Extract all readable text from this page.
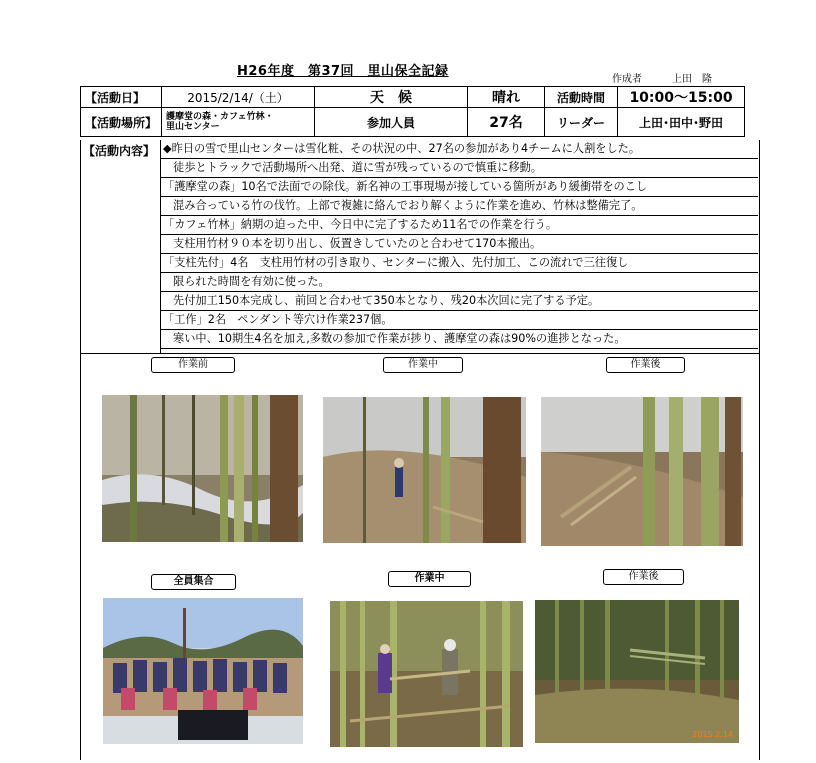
H26年度　第37回　里山保全記録
作成者	上田　隆
【活動日】	2015/2/14/（土）	天　候	晴れ	活動時間	10:00〜15:00
【活動場所】	護摩堂の森・カフェ竹林・
里山センター	参加人員	27名	リーダー	上田･田中･野田
【活動内容】 ◆昨日の雪で里山センターは雪化粧、その状況の中、27名の参加があり4チームに人割をした。
徒歩とトラックで活動場所へ出発、道に雪が残っているので慎重に移動。
「護摩堂の森」10名で法面での除伐。新名神の工事現場が接している箇所があり緩衝帯をのこし
混み合っている竹の伐竹。上部で複雑に絡んでおり解くように作業を進め、竹林は整備完了。
「カフェ竹林」納期の迫った中、今日中に完了するため11名での作業を行う。
支柱用竹材９０本を切り出し、仮置きしていたのと合わせて170本搬出。
「支柱先付」4名　支柱用竹材の引き取り、センターに搬入、先付加工、この流れで三往復し
限られた時間を有効に使った。
先付加工150本完成し、前回と合わせて350本となり、残20本次回に完了する予定。
「工作」2名　ペンダント等穴け作業237個。
寒い中、10期生4名を加え,多数の参加で作業が捗り、護摩堂の森は90%の進捗となった。
作業前	作業中	作業後
全員集合	作業中	作業後
2015.2.14
